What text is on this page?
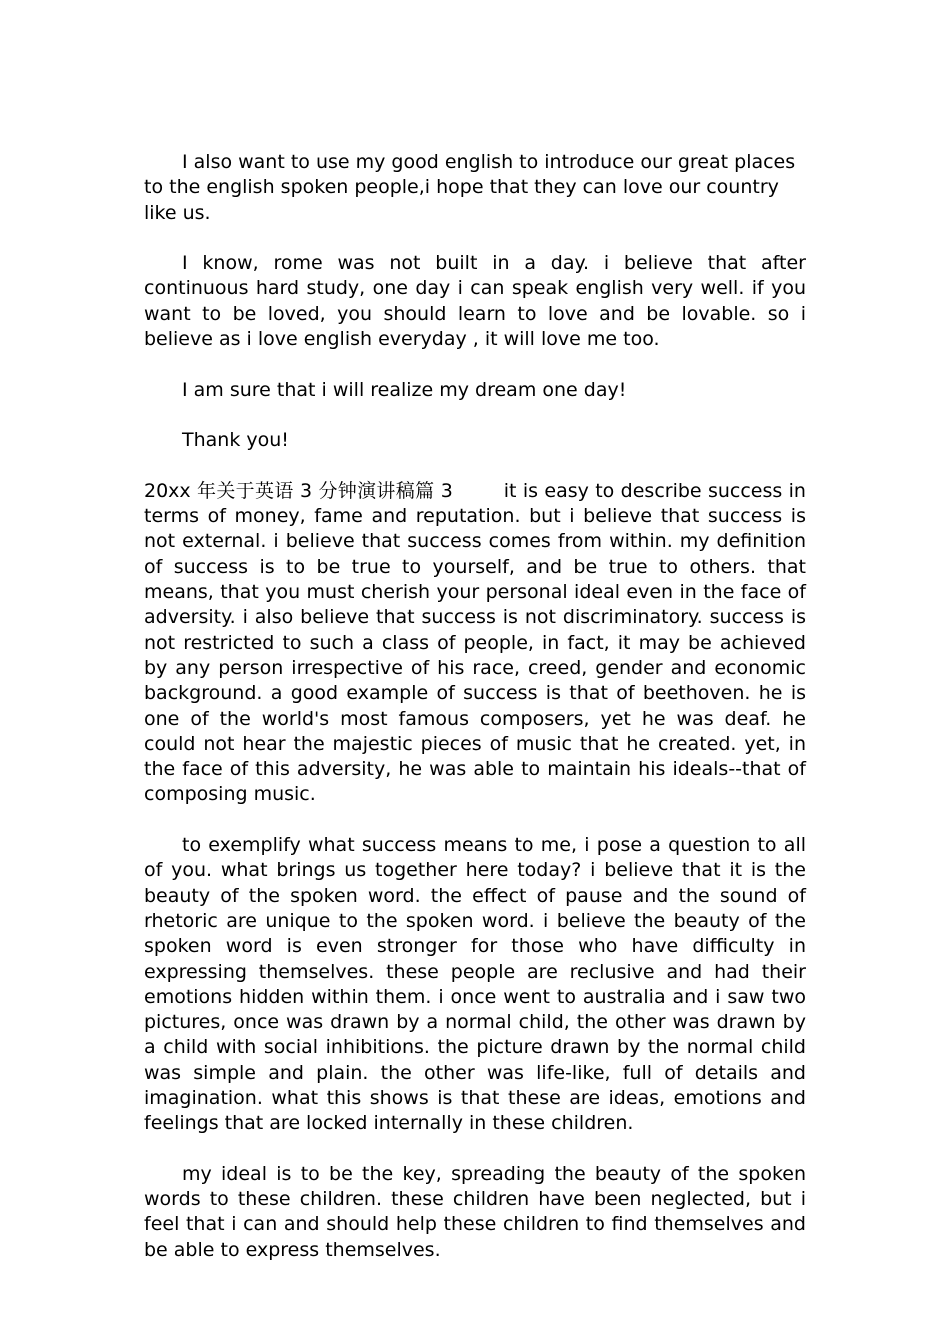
I also want to use my good english to introduce our great places to the english spoken people,i hope that they can love our country like us.

I know, rome was not built in a day. i believe that after continuous hard study, one day i can speak english very well. if you want to be loved, you should learn to love and be lovable. so i believe as i love english everyday , it will love me too.

I am sure that i will realize my dream one day!

Thank you!

20xx 年关于英语 3 分钟演讲稿篇 3	it is easy to describe success in terms of money, fame and reputation. but i believe that success is not external. i believe that success comes from within. my definition of success is to be true to yourself, and be true to others. that means, that you must cherish your personal ideal even in the face of adversity. i also believe that success is not discriminatory. success is not restricted to such a class of people, in fact, it may be achieved by any person irrespective of his race, creed, gender and economic background. a good example of success is that of beethoven. he is one of the world's most famous composers, yet he was deaf. he could not hear the majestic pieces of music that he created. yet, in the face of this adversity, he was able to maintain his ideals--that of composing music.

to exemplify what success means to me, i pose a question to all of you. what brings us together here today? i believe that it is the beauty of the spoken word. the effect of pause and the sound of rhetoric are unique to the spoken word. i believe the beauty of the spoken word is even stronger for those who have difficulty in expressing themselves. these people are reclusive and had their emotions hidden within them. i once went to australia and i saw two pictures, once was drawn by a normal child, the other was drawn by a child with social inhibitions. the picture drawn by the normal child was simple and plain. the other was life-like, full of details and imagination. what this shows is that these are ideas, emotions and feelings that are locked internally in these children.

my ideal is to be the key, spreading the beauty of the spoken words to these children. these children have been neglected, but i feel that i can and should help these children to find themselves and be able to express themselves.
